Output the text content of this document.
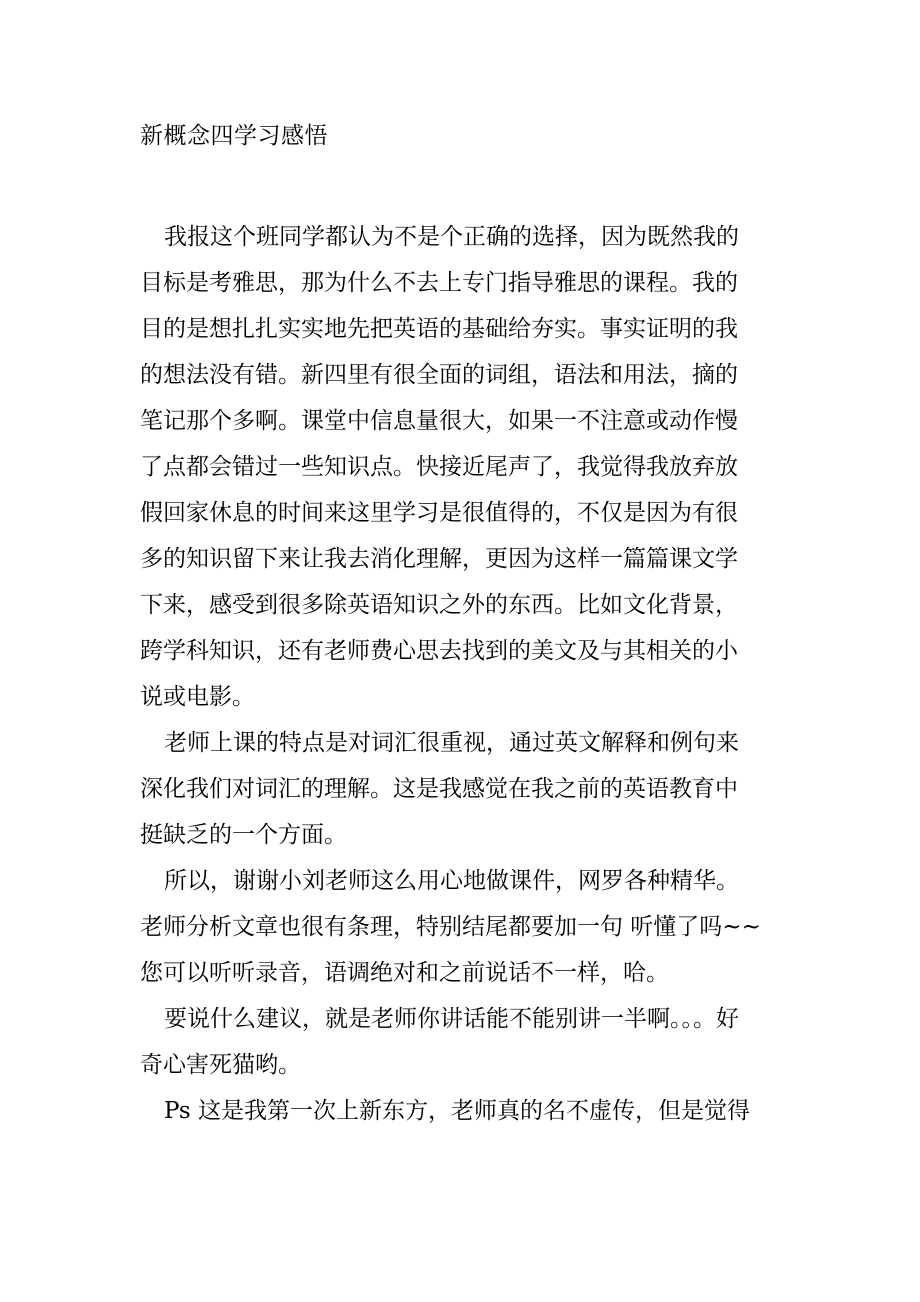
新概念四学习感悟
我报这个班同学都认为不是个正确的选择，因为既然我的
目标是考雅思，那为什么不去上专门指导雅思的课程。我的
目的是想扎扎实实地先把英语的基础给夯实。事实证明的我
的想法没有错。新四里有很全面的词组，语法和用法，摘的
笔记那个多啊。课堂中信息量很大，如果一不注意或动作慢
了点都会错过一些知识点。快接近尾声了，我觉得我放弃放
假回家休息的时间来这里学习是很值得的，不仅是因为有很
多的知识留下来让我去消化理解，更因为这样一篇篇课文学
下来，感受到很多除英语知识之外的东西。比如文化背景，
跨学科知识，还有老师费心思去找到的美文及与其相关的小
说或电影。
老师上课的特点是对词汇很重视，通过英文解释和例句来
深化我们对词汇的理解。这是我感觉在我之前的英语教育中
挺缺乏的一个方面。
所以，谢谢小刘老师这么用心地做课件，网罗各种精华。
老师分析文章也很有条理，特别结尾都要加一句 听懂了吗~~
您可以听听录音，语调绝对和之前说话不一样，哈。
要说什么建议，就是老师你讲话能不能别讲一半啊。。。好
奇心害死猫哟。
Ps 这是我第一次上新东方，老师真的名不虚传，但是觉得
